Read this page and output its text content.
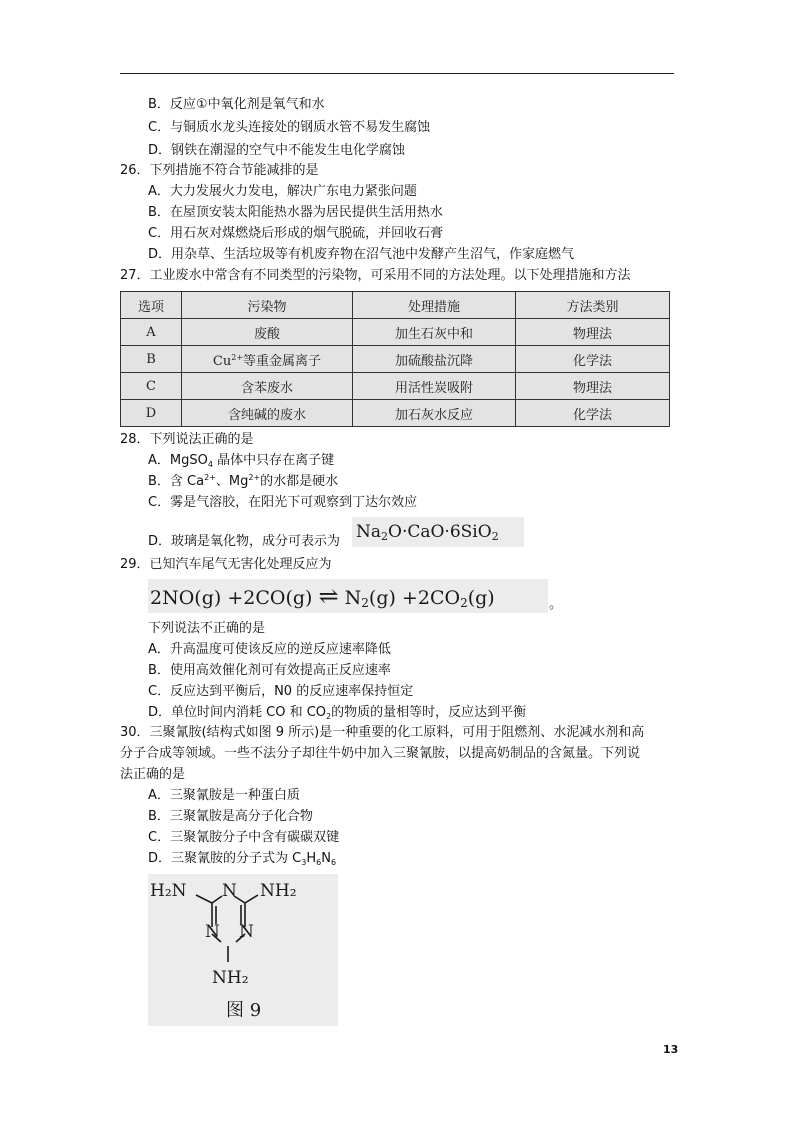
B．反应①中氧化剂是氧气和水
C．与铜质水龙头连接处的钢质水管不易发生腐蚀
D．钢铁在潮湿的空气中不能发生电化学腐蚀
26．下列措施不符合节能减排的是
A．大力发展火力发电，解决广东电力紧张问题
B．在屋顶安装太阳能热水器为居民提供生活用热水
C．用石灰对煤燃烧后形成的烟气脱硫，并回收石膏
D．用杂草、生活垃圾等有机废弃物在沼气池中发酵产生沼气，作家庭燃气
27．工业废水中常含有不同类型的污染物，可采用不同的方法处理。以下处理措施和方法
选项	污染物	处理措施	方法类别
A	废酸	加生石灰中和	物理法
B	$Cu^{2+}$等重金属离子	加硫酸盐沉降	化学法
C	含苯废水	用活性炭吸附	物理法
D	含纯碱的废水	加石灰水反应	化学法
28．下列说法正确的是
A．MgSO$_4$ 晶体中只存在离子键
B．含 $Ca^{2+}$、$Mg^{2+}$的水都是硬水
C．雾是气溶胶，在阳光下可观察到丁达尔效应
D．玻璃是氧化物，成分可表示为 Na2O·CaO·6SiO2
29．已知汽车尾气无害化处理反应为
2NO(g) +2CO(g) ⇌ N2(g) +2CO2(g)	。
下列说法不正确的是
A．升高温度可使该反应的逆反应速率降低
B．使用高效催化剂可有效提高正反应速率
C．反应达到平衡后，N0 的反应速率保持恒定
D．单位时间内消耗 CO 和 $CO_2$的物质的量相等时，反应达到平衡
30．三聚氰胺(结构式如图 9 所示)是一种重要的化工原料，可用于阻燃剂、水泥减水剂和高
分子合成等领域。一些不法分子却往牛奶中加入三聚氰胺，以提高奶制品的含氮量。下列说
法正确的是
A．三聚氰胺是一种蛋白质
B．三聚氰胺是高分子化合物
C．三聚氰胺分子中含有碳碳双键
D．三聚氰胺的分子式为 $C_3H_6N_6$
H₂N N NH₂
N N
NH₂
图 9
13
